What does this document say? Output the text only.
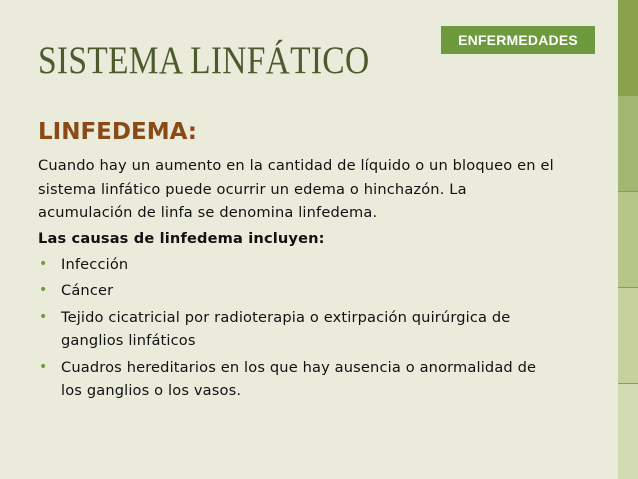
ENFERMEDADES
SISTEMA LINFÁTICO
LINFEDEMA:

Cuando hay un aumento en la cantidad de líquido o un bloqueo en el sistema linfático puede ocurrir un edema o hinchazón. La acumulación de linfa se denomina linfedema.

Las causas de linfedema incluyen:
• Infección
• Cáncer
• Tejido cicatricial por radioterapia o extirpación quirúrgica de ganglios linfáticos
• Cuadros hereditarios en los que hay ausencia o anormalidad de los ganglios o los vasos.
